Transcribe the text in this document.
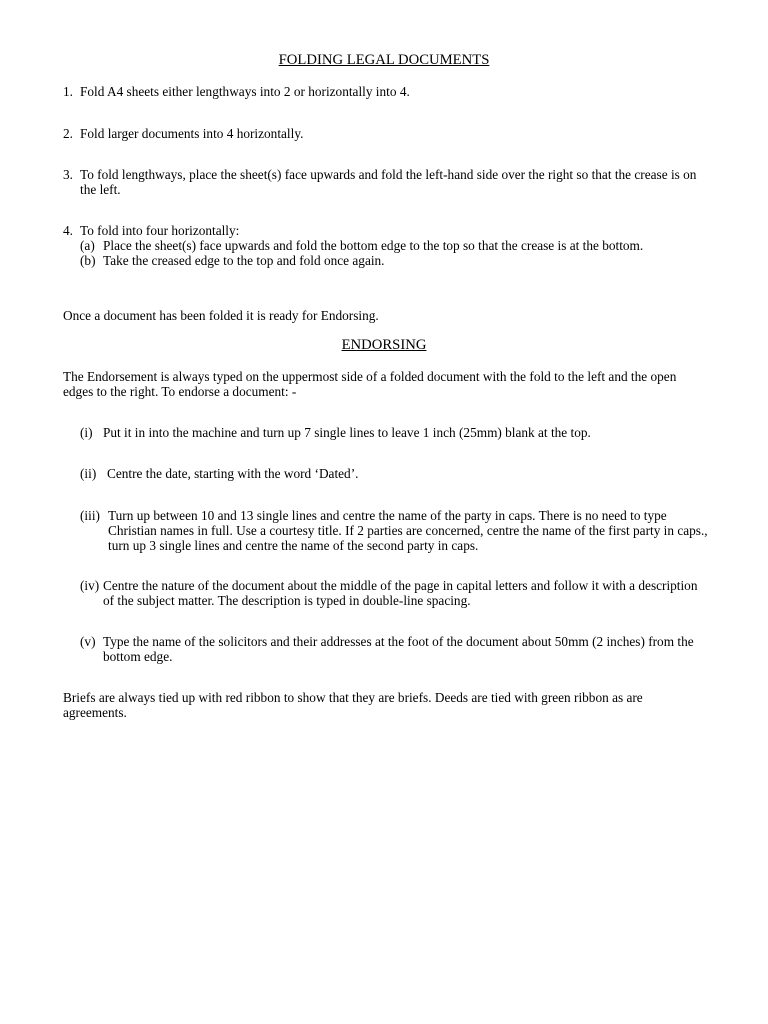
FOLDING LEGAL DOCUMENTS
1. Fold A4 sheets either lengthways into 2 or horizontally into 4.
2. Fold larger documents into 4 horizontally.
3. To fold lengthways, place the sheet(s) face upwards and fold the left-hand side over the right so that the crease is on the left.
4. To fold into four horizontally:
(a) Place the sheet(s) face upwards and fold the bottom edge to the top so that the crease is at the bottom.
(b) Take the creased edge to the top and fold once again.
Once a document has been folded it is ready for Endorsing.
ENDORSING
The Endorsement is always typed on the uppermost side of a folded document with the fold to the left and the open edges to the right. To endorse a document: -
(i) Put it in into the machine and turn up 7 single lines to leave 1 inch (25mm) blank at the top.
(ii) Centre the date, starting with the word ‘Dated’.
(iii) Turn up between 10 and 13 single lines and centre the name of the party in caps. There is no need to type Christian names in full. Use a courtesy title. If 2 parties are concerned, centre the name of the first party in caps., turn up 3 single lines and centre the name of the second party in caps.
(iv) Centre the nature of the document about the middle of the page in capital letters and follow it with a description of the subject matter. The description is typed in double-line spacing.
(v) Type the name of the solicitors and their addresses at the foot of the document about 50mm (2 inches) from the bottom edge.
Briefs are always tied up with red ribbon to show that they are briefs. Deeds are tied with green ribbon as are agreements.
